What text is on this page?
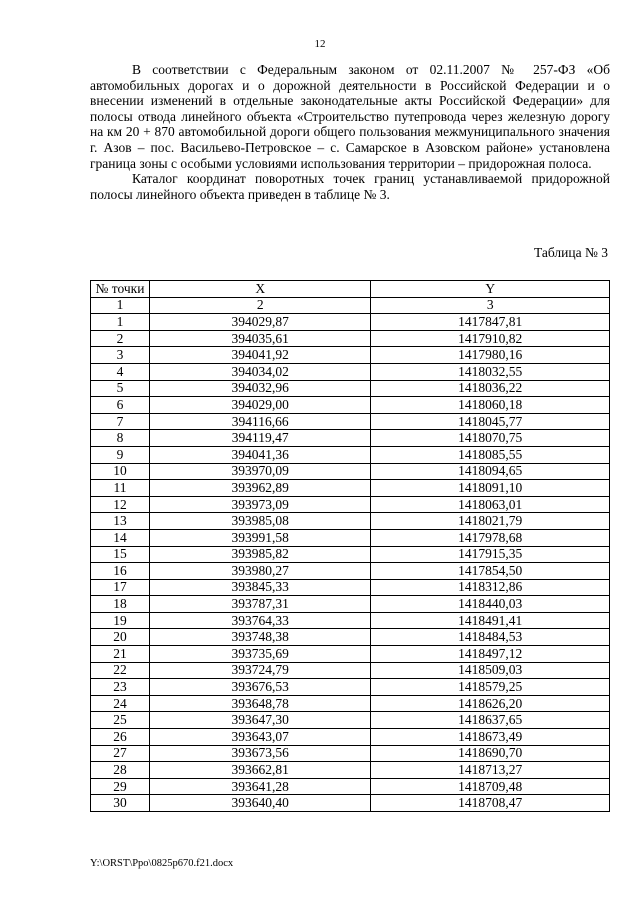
12

В соответствии с Федеральным законом от 02.11.2007 № 257-ФЗ «Об автомобильных дорогах и о дорожной деятельности в Российской Федерации и о внесении изменений в отдельные законодательные акты Российской Федерации» для полосы отвода линейного объекта «Строительство путепровода через железную дорогу на км 20 + 870 автомобильной дороги общего пользования межмуниципального значения г. Азов – пос. Васильево-Петровское – с. Самарское в Азовском районе» установлена граница зоны с особыми условиями использования территории – придорожная полоса.

Каталог координат поворотных точек границ устанавливаемой придорожной полосы линейного объекта приведен в таблице № 3.

Таблица № 3
№ точки	X	Y
1	2	3
1	394029,87	1417847,81
2	394035,61	1417910,82
3	394041,92	1417980,16
4	394034,02	1418032,55
5	394032,96	1418036,22
6	394029,00	1418060,18
7	394116,66	1418045,77
8	394119,47	1418070,75
9	394041,36	1418085,55
10	393970,09	1418094,65
11	393962,89	1418091,10
12	393973,09	1418063,01
13	393985,08	1418021,79
14	393991,58	1417978,68
15	393985,82	1417915,35
16	393980,27	1417854,50
17	393845,33	1418312,86
18	393787,31	1418440,03
19	393764,33	1418491,41
20	393748,38	1418484,53
21	393735,69	1418497,12
22	393724,79	1418509,03
23	393676,53	1418579,25
24	393648,78	1418626,20
25	393647,30	1418637,65
26	393643,07	1418673,49
27	393673,56	1418690,70
28	393662,81	1418713,27
29	393641,28	1418709,48
30	393640,40	1418708,47
Y:\ORST\Ppo\0825p670.f21.docx
